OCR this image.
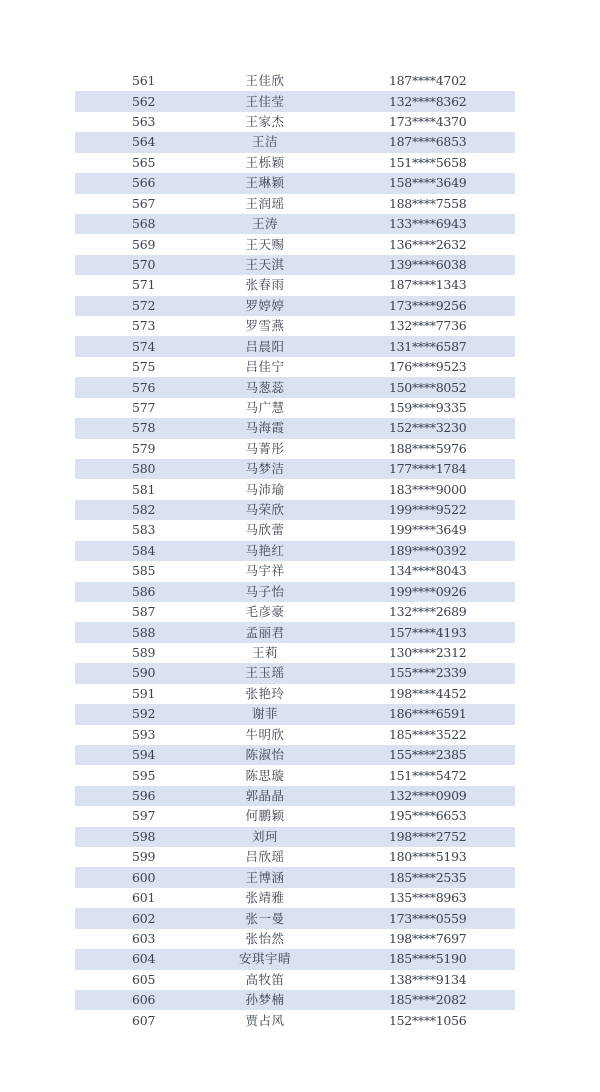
561	王佳欣	187****4702
562	王佳莹	132****8362
563	王家杰	173****4370
564	王洁	187****6853
565	王栎颖	151****5658
566	王琳颖	158****3649
567	王润瑶	188****7558
568	王涛	133****6943
569	王天赐	136****2632
570	王天淇	139****6038
571	张春雨	187****1343
572	罗婷婷	173****9256
573	罗雪燕	132****7736
574	吕晨阳	131****6587
575	吕佳宁	176****9523
576	马葱蕊	150****8052
577	马广慧	159****9335
578	马海霞	152****3230
579	马菁彤	188****5976
580	马梦洁	177****1784
581	马沛瑜	183****9000
582	马荣欣	199****9522
583	马欣蕾	199****3649
584	马艳红	189****0392
585	马宇祥	134****8043
586	马子怡	199****0926
587	毛彦豪	132****2689
588	孟丽君	157****4193
589	王莉	130****2312
590	王玉瑶	155****2339
591	张艳玲	198****4452
592	谢菲	186****6591
593	牛明欣	185****3522
594	陈淑怡	155****2385
595	陈思璇	151****5472
596	郭晶晶	132****0909
597	何鹏颖	195****6653
598	刘珂	198****2752
599	吕欣瑶	180****5193
600	王博涵	185****2535
601	张靖雅	135****8963
602	张一曼	173****0559
603	张怡然	198****7697
604	安琪宇晴	185****5190
605	高牧笛	138****9134
606	孙梦楠	185****2082
607	贾占风	152****1056
